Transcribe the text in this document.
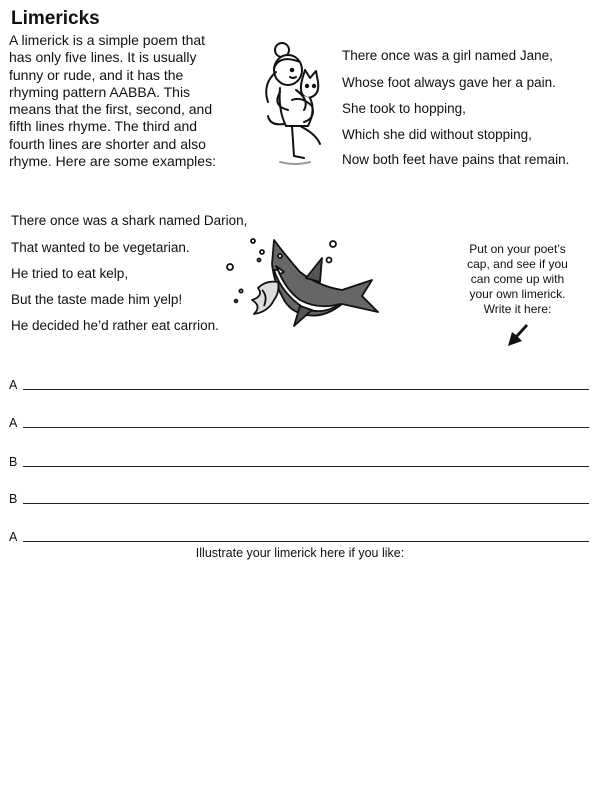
Limericks
A limerick is a simple poem that
has only five lines. It is usually
funny or rude, and it has the
rhyming pattern AABBA. This
means that the first, second, and
fifth lines rhyme. The third and
fourth lines are shorter and also
rhyme. Here are some examples:
There once was a girl named Jane,
Whose foot always gave her a pain.
She took to hopping,
Which she did without stopping,
Now both feet have pains that remain.
There once was a shark named Darion,
That wanted to be vegetarian.
He tried to eat kelp,
But the taste made him yelp!
He decided he’d rather eat carrion.
Put on your poet’s
cap, and see if you
can come up with
your own limerick.
Write it here:
A
A
B
B
A
Illustrate your limerick here if you like:
